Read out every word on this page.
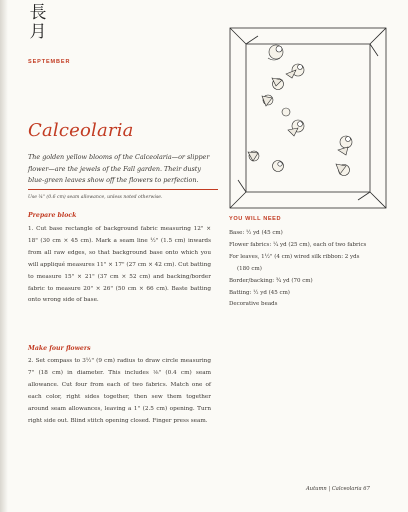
長
月
SEPTEMBER
Calceolaria

The golden yellow blooms of the Calceolaria—or slipper flower—are the jewels of the Fall garden. Their dusty blue-green leaves show off the flowers to perfection.

Use ¼" (0.6 cm) seam allowance, unless noted otherwise.

Prepare block

1. Cut base rectangle of background fabric measuring 12" × 18" (30 cm × 45 cm). Mark a seam line ½" (1.5 cm) inwards from all raw edges, so that background base onto which you will appliqué measures 11" × 17" (27 cm × 42 cm). Cut batting to measure 15" × 21" (37 cm × 52 cm) and backing/border fabric to measure 20" × 26" (50 cm × 66 cm). Baste batting onto wrong side of base.

Make four flowers

2. Set compass to 3½" (9 cm) radius to draw circle measuring 7" (18 cm) in diameter. This includes ⅛" (0.4 cm) seam allowance. Cut four from each of two fabrics. Match one of each color, right sides together, then sew them together around seam allowances, leaving a 1" (2.5 cm) opening. Turn right side out. Blind stitch opening closed. Finger press seam.

YOU WILL NEED
Base: ½ yd (45 cm)
Flower fabrics: ¼ yd (25 cm), each of two fabrics
For leaves, 1½" (4 cm) wired silk ribbon: 2 yds
(180 cm)
Border/backing: ¾ yd (70 cm)
Batting: ½ yd (45 cm)
Decorative beads
Autumn | Calceolaria 67
